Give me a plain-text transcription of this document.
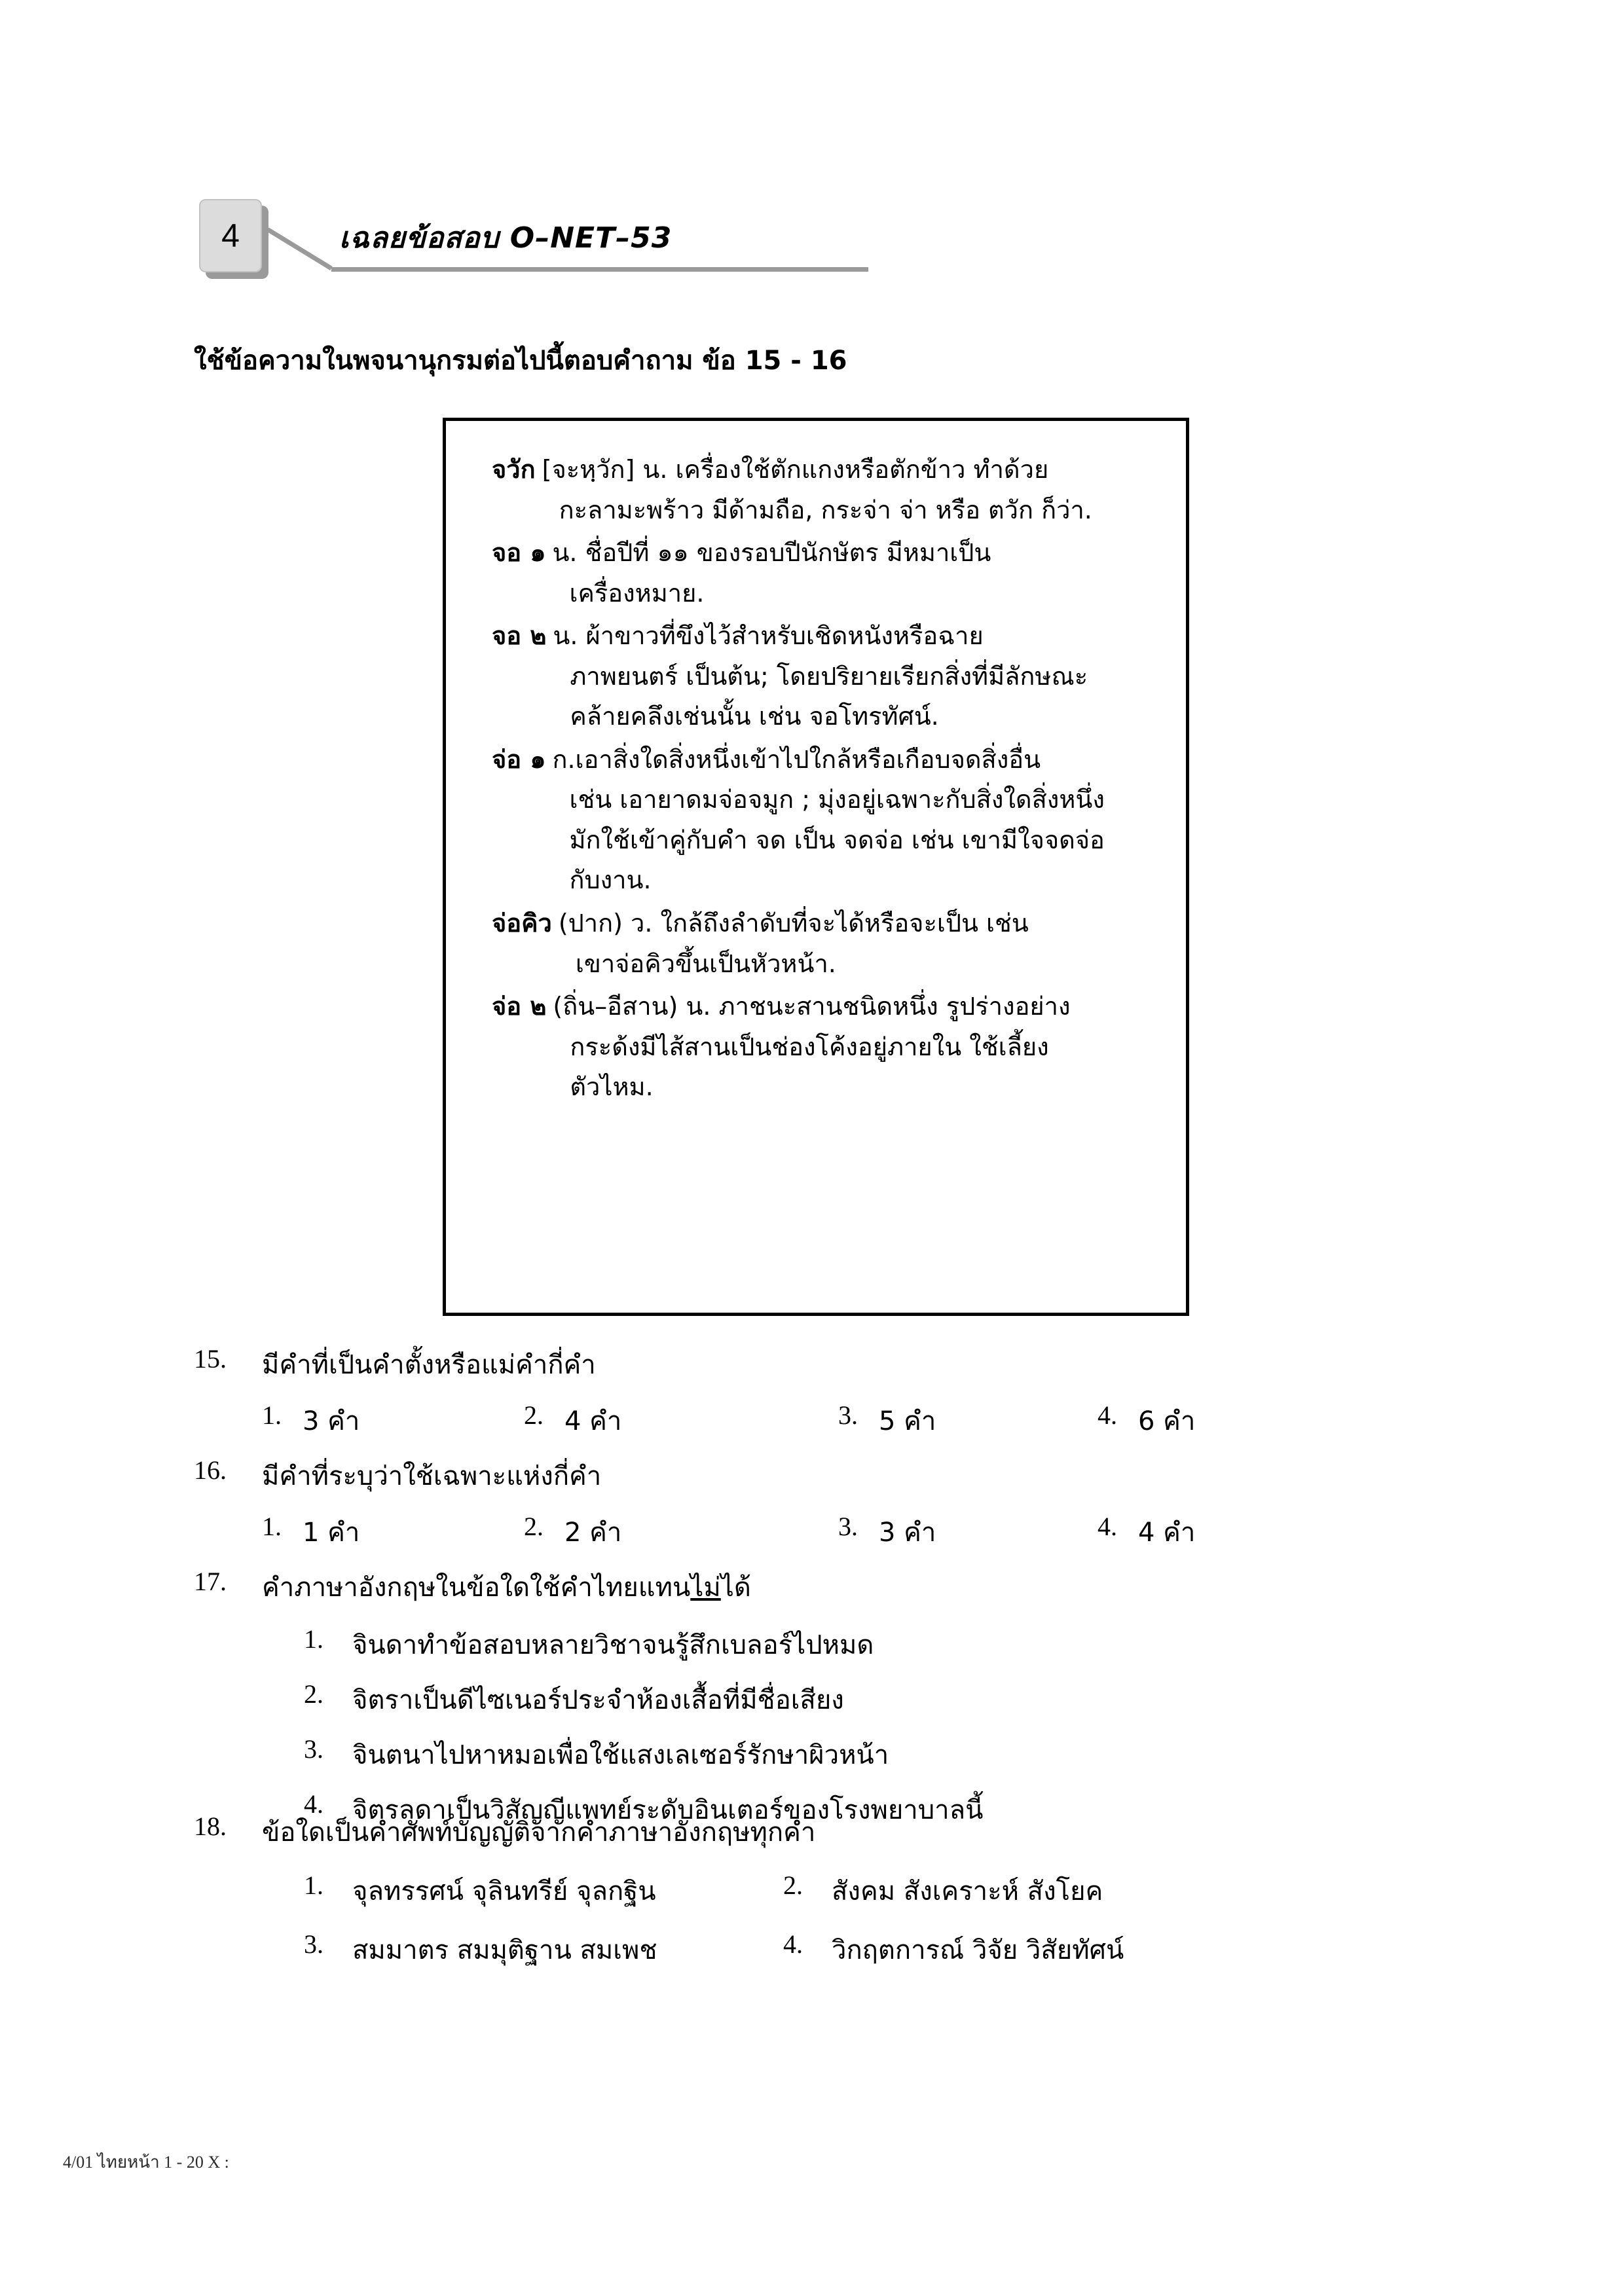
4	เฉลยข้อสอบ O–NET–53
ใช้ข้อความในพจนานุกรมต่อไปนี้ตอบคำถาม ข้อ 15 - 16
จวัก [จะหฺวัก] น. เครื่องใช้ตักแกงหรือตักข้าว ทำด้วย
กะลามะพร้าว มีด้ามถือ, กระจ่า จ่า หรือ ตวัก ก็ว่า.
จอ ๑ น. ชื่อปีที่ ๑๑ ของรอบปีนักษัตร มีหมาเป็น
เครื่องหมาย.
จอ ๒ น. ผ้าขาวที่ขึงไว้สำหรับเชิดหนังหรือฉาย
ภาพยนตร์ เป็นต้น; โดยปริยายเรียกสิ่งที่มีลักษณะ
คล้ายคลึงเช่นนั้น เช่น จอโทรทัศน์.
จ่อ ๑ ก.เอาสิ่งใดสิ่งหนึ่งเข้าไปใกล้หรือเกือบจดสิ่งอื่น
เช่น เอายาดมจ่อจมูก ; มุ่งอยู่เฉพาะกับสิ่งใดสิ่งหนึ่ง
มักใช้เข้าคู่กับคำ จด เป็น จดจ่อ เช่น เขามีใจจดจ่อ
กับงาน.
จ่อคิว (ปาก) ว. ใกล้ถึงลำดับที่จะได้หรือจะเป็น เช่น
เขาจ่อคิวขึ้นเป็นหัวหน้า.
จ่อ ๒ (ถิ่น–อีสาน) น. ภาชนะสานชนิดหนึ่ง รูปร่างอย่าง
กระด้งมีไส้สานเป็นช่องโค้งอยู่ภายใน ใช้เลี้ยง
ตัวไหม.
15.	มีคำที่เป็นคำตั้งหรือแม่คำกี่คำ
1. 3 คำ	2. 4 คำ	3. 5 คำ	4. 6 คำ
16.	มีคำที่ระบุว่าใช้เฉพาะแห่งกี่คำ
1. 1 คำ	2. 2 คำ	3. 3 คำ	4. 4 คำ
17.	คำภาษาอังกฤษในข้อใดใช้คำไทยแทนไม่ได้
1. จินดาทำข้อสอบหลายวิชาจนรู้สึกเบลอร์ไปหมด
2. จิตราเป็นดีไซเนอร์ประจำห้องเสื้อที่มีชื่อเสียง
3. จินตนาไปหาหมอเพื่อใช้แสงเลเซอร์รักษาผิวหน้า
4. จิตรลดาเป็นวิสัญญีแพทย์ระดับอินเตอร์ของโรงพยาบาลนี้
18.	ข้อใดเป็นคำศัพท์บัญญัติจากคำภาษาอังกฤษทุกคำ
1. จุลทรรศน์ จุลินทรีย์ จุลกฐิน	2. สังคม สังเคราะห์ สังโยค
3. สมมาตร สมมุติฐาน สมเพช	4. วิกฤตการณ์ วิจัย วิสัยทัศน์
4/01 ไทยหน้า 1 - 20 X :
